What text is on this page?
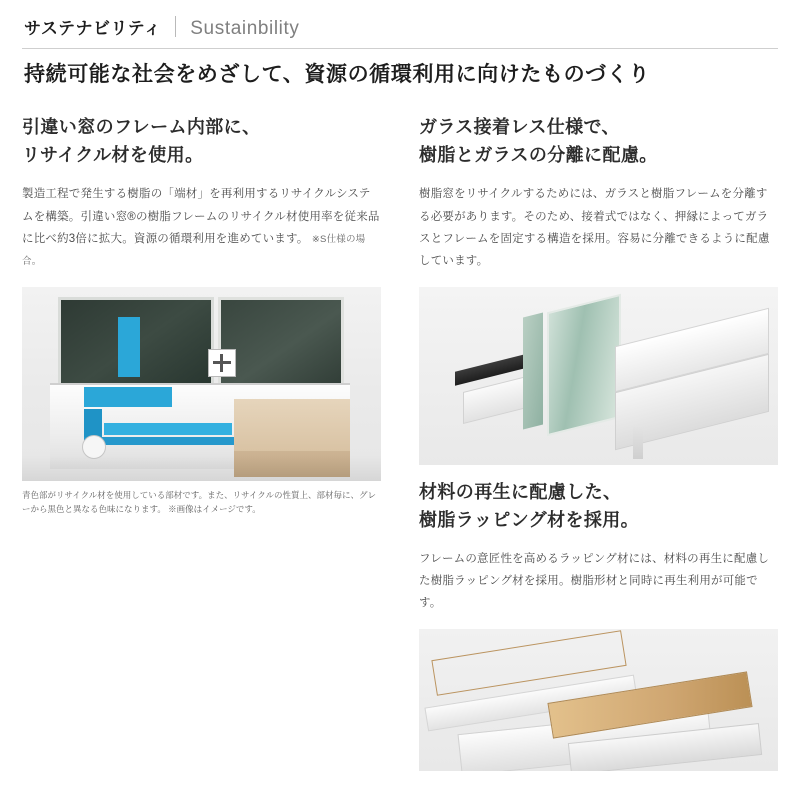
サステナビリティ Sustainbility
持続可能な社会をめざして、資源の循環利用に向けたものづくり
引違い窓のフレーム内部に、
リサイクル材を使用。
製造工程で発生する樹脂の「端材」を再利用するリサイクルシステムを構築。引違い窓®の樹脂フレームのリサイクル材使用率を従来品に比べ約3倍に拡大。資源の循環利用を進めています。 ※S仕様の場合。
青色部がリサイクル材を使用している部材です。また、リサイクルの性質上、部材毎に、グレーから黒色と異なる色味になります。 ※画像はイメージです。
ガラス接着レス仕様で、
樹脂とガラスの分離に配慮。
樹脂窓をリサイクルするためには、ガラスと樹脂フレームを分離する必要があります。そのため、接着式ではなく、押縁によってガラスとフレームを固定する構造を採用。容易に分離できるように配慮しています。
材料の再生に配慮した、
樹脂ラッピング材を採用。
フレームの意匠性を高めるラッピング材には、材料の再生に配慮した樹脂ラッピング材を採用。樹脂形材と同時に再生利用が可能です。
